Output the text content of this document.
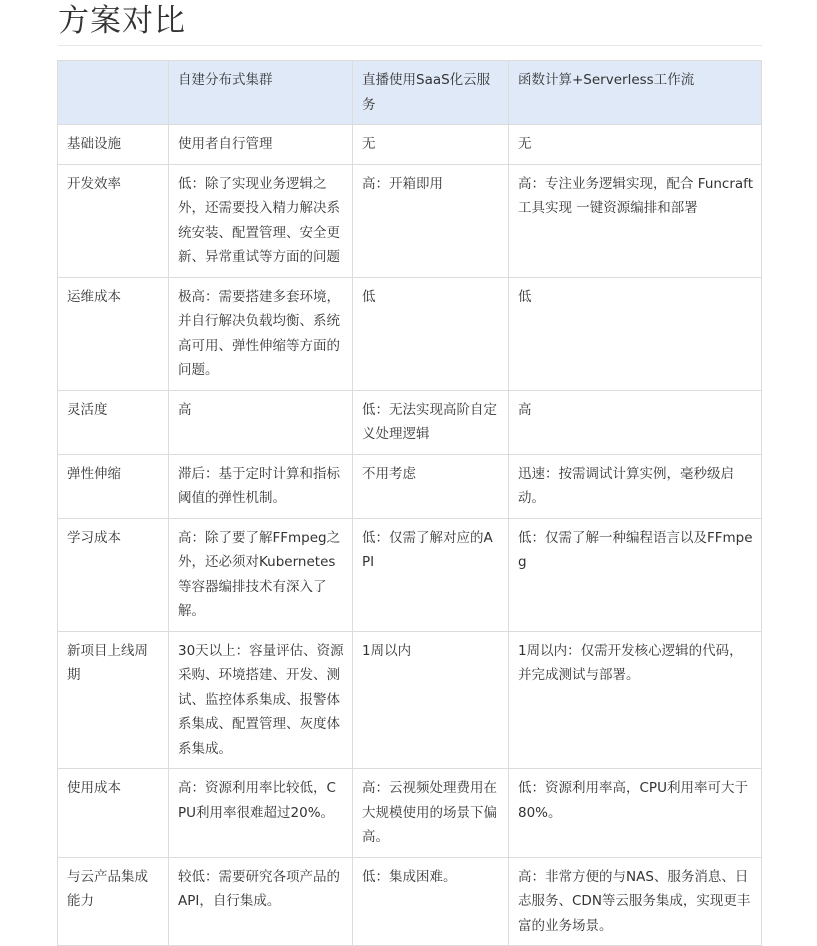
方案对比
	自建分布式集群	直播使用SaaS化云服务	函数计算+Serverless工作流
基础设施	使用者自行管理	无	无
开发效率	低：除了实现业务逻辑之外，还需要投入精力解决系统安装、配置管理、安全更新、异常重试等方面的问题	高：开箱即用	高：专注业务逻辑实现，配合 Funcraft工具实现 一键资源编排和部署
运维成本	极高：需要搭建多套环境，并自行解决负载均衡、系统高可用、弹性伸缩等方面的问题。	低	低
灵活度	高	低：无法实现高阶自定义处理逻辑	高
弹性伸缩	滞后：基于定时计算和指标阈值的弹性机制。	不用考虑	迅速：按需调试计算实例，毫秒级启动。
学习成本	高：除了要了解FFmpeg之外，还必须对Kubernetes等容器编排技术有深入了解。	低：仅需了解对应的API	低：仅需了解一种编程语言以及FFmpeg
新项目上线周期	30天以上：容量评估、资源采购、环境搭建、开发、测试、监控体系集成、报警体系集成、配置管理、灰度体系集成。	1周以内	1周以内：仅需开发核心逻辑的代码，并完成测试与部署。
使用成本	高：资源利用率比较低，CPU利用率很难超过20%。	高：云视频处理费用在大规模使用的场景下偏高。	低：资源利用率高，CPU利用率可大于80%。
与云产品集成能力	较低：需要研究各项产品的API，自行集成。	低：集成困难。	高：非常方便的与NAS、服务消息、日志服务、CDN等云服务集成，实现更丰富的业务场景。
